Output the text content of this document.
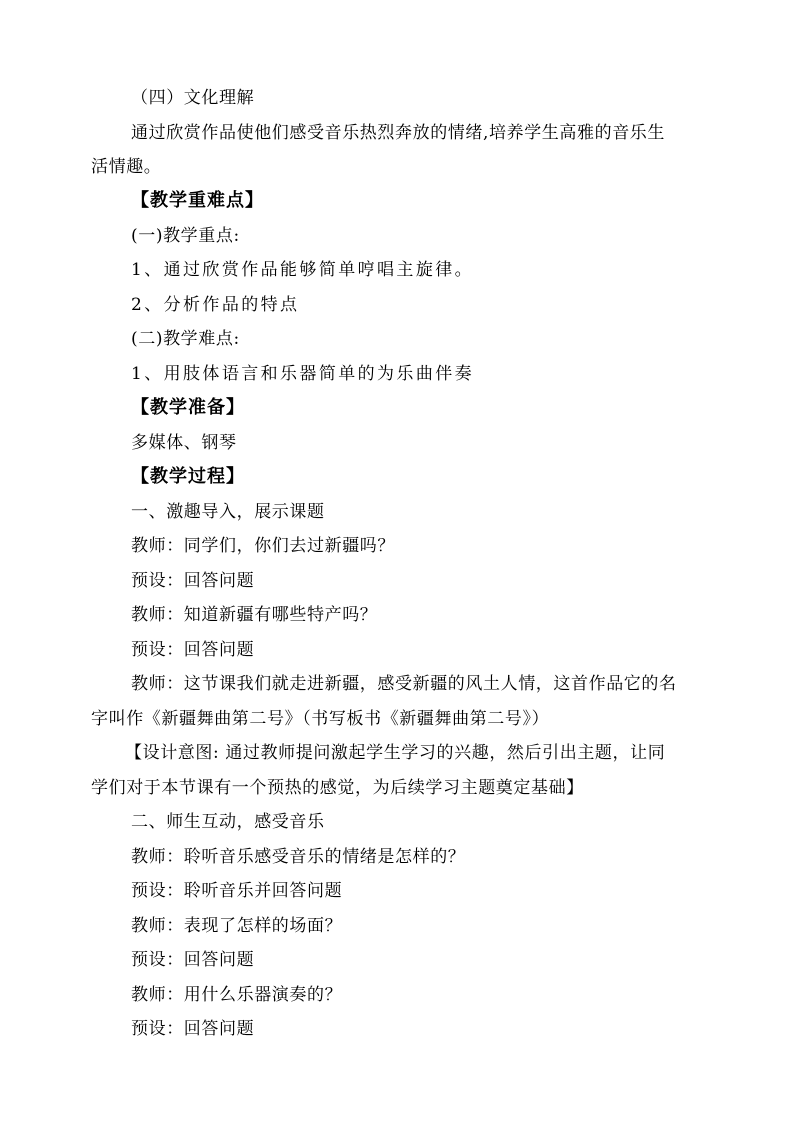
（四）文化理解
通过欣赏作品使他们感受音乐热烈奔放的情绪,培养学生高雅的音乐生
活情趣。
【教学重难点】
(一)教学重点:
1、通过欣赏作品能够简单哼唱主旋律。
2、分析作品的特点
(二)教学难点:
1、用肢体语言和乐器简单的为乐曲伴奏
【教学准备】
多媒体、钢琴
【教学过程】
一、激趣导入，展示课题
教师：同学们，你们去过新疆吗？
预设：回答问题
教师：知道新疆有哪些特产吗？
预设：回答问题
教师：这节课我们就走进新疆，感受新疆的风土人情，这首作品它的名
字叫作《新疆舞曲第二号》（书写板书《新疆舞曲第二号》）
【设计意图: 通过教师提问激起学生学习的兴趣，然后引出主题，让同
学们对于本节课有一个预热的感觉，为后续学习主题奠定基础】
二、师生互动，感受音乐
教师：聆听音乐感受音乐的情绪是怎样的？
预设：聆听音乐并回答问题
教师：表现了怎样的场面？
预设：回答问题
教师：用什么乐器演奏的？
预设：回答问题
